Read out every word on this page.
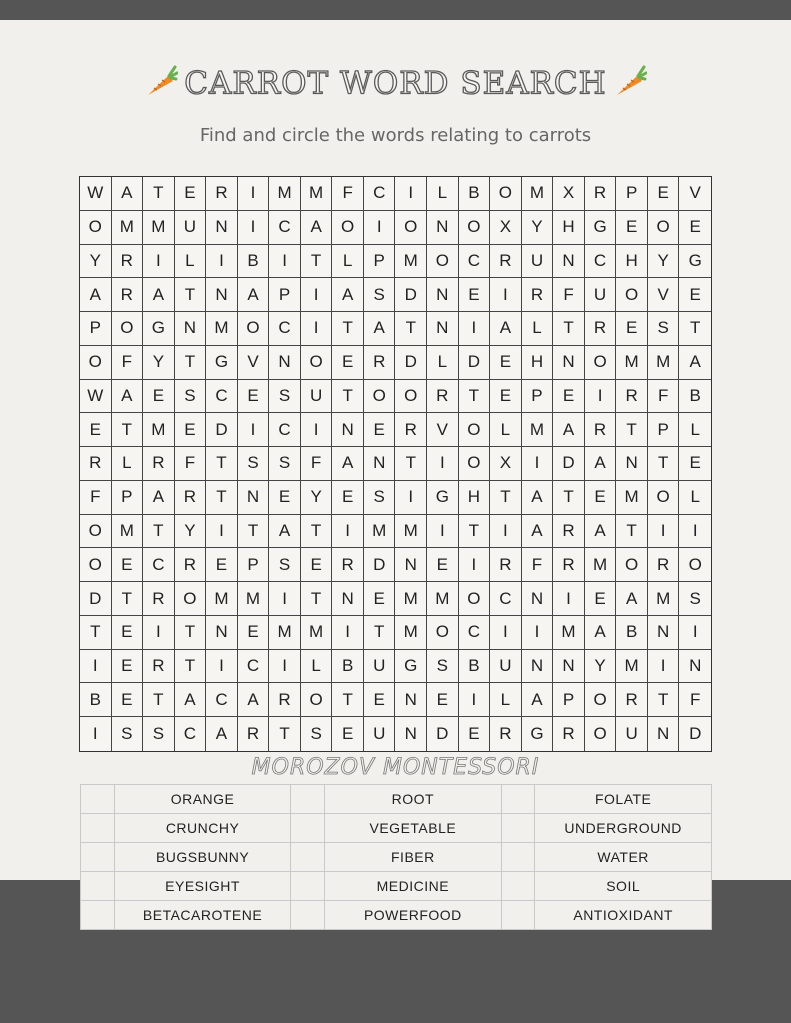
CARROT WORD SEARCH
Find and circle the words relating to carrots
W	A	T	E	R	I	M	M	F	C	I	L	B	O	M	X	R	P	E	V
O	M	M	U	N	I	C	A	O	I	O	N	O	X	Y	H	G	E	O	E
Y	R	I	L	I	B	I	T	L	P	M	O	C	R	U	N	C	H	Y	G
A	R	A	T	N	A	P	I	A	S	D	N	E	I	R	F	U	O	V	E
P	O	G	N	M	O	C	I	T	A	T	N	I	A	L	T	R	E	S	T
O	F	Y	T	G	V	N	O	E	R	D	L	D	E	H	N	O	M	M	A
W	A	E	S	C	E	S	U	T	O	O	R	T	E	P	E	I	R	F	B
E	T	M	E	D	I	C	I	N	E	R	V	O	L	M	A	R	T	P	L
R	L	R	F	T	S	S	F	A	N	T	I	O	X	I	D	A	N	T	E
F	P	A	R	T	N	E	Y	E	S	I	G	H	T	A	T	E	M	O	L
O	M	T	Y	I	T	A	T	I	M	M	I	T	I	A	R	A	T	I	I
O	E	C	R	E	P	S	E	R	D	N	E	I	R	F	R	M	O	R	O
D	T	R	O	M	M	I	T	N	E	M	M	O	C	N	I	E	A	M	S
T	E	I	T	N	E	M	M	I	T	M	O	C	I	I	M	A	B	N	I
I	E	R	T	I	C	I	L	B	U	G	S	B	U	N	N	Y	M	I	N
B	E	T	A	C	A	R	O	T	E	N	E	I	L	A	P	O	R	T	F
I	S	S	C	A	R	T	S	E	U	N	D	E	R	G	R	O	U	N	D
MOROZOV MONTESSORI
	ORANGE		ROOT		FOLATE
	CRUNCHY		VEGETABLE		UNDERGROUND
	BUGSBUNNY		FIBER		WATER
	EYESIGHT		MEDICINE		SOIL
	BETACAROTENE		POWERFOOD		ANTIOXIDANT
